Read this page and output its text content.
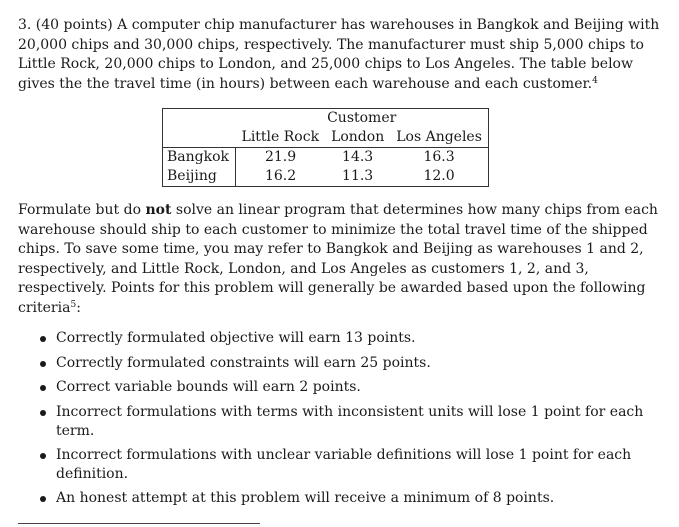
3. (40 points) A computer chip manufacturer has warehouses in Bangkok and Beijing with
20,000 chips and 30,000 chips, respectively. The manufacturer must ship 5,000 chips to
Little Rock, 20,000 chips to London, and 25,000 chips to Los Angeles. The table below
gives the the travel time (in hours) between each warehouse and each customer.$^4$
	Customer		
	Little Rock	London	Los Angeles
Bangkok	21.9	14.3	16.3
Beijing	16.2	11.3	12.0
Formulate but do not solve an linear program that determines how many chips from each
warehouse should ship to each customer to minimize the total travel time of the shipped
chips. To save some time, you may refer to Bangkok and Beijing as warehouses 1 and 2,
respectively, and Little Rock, London, and Los Angeles as customers 1, 2, and 3,
respectively. Points for this problem will generally be awarded based upon the following
criteria$^5$:
Correctly formulated objective will earn 13 points.
Correctly formulated constraints will earn 25 points.
Correct variable bounds will earn 2 points.
Incorrect formulations with terms with inconsistent units will lose 1 point for each
term.
Incorrect formulations with unclear variable definitions will lose 1 point for each
definition.
An honest attempt at this problem will receive a minimum of 8 points.
